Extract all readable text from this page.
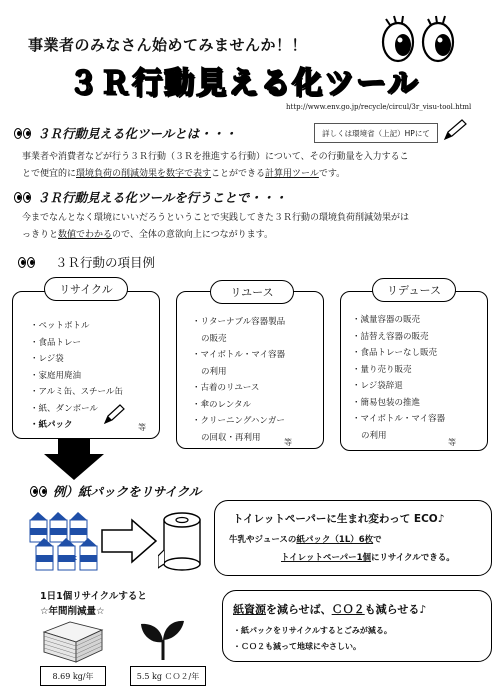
事業者のみなさん始めてみませんか！！
３Ｒ行動見える化ツール
http://www.env.go.jp/recycle/circul/3r_visu-tool.html
３Ｒ行動見える化ツールとは・・・	詳しくは環境省（上記）HPにて
事業者や消費者などが行う３Ｒ行動（３Ｒを推進する行動）について、その行動量を入力するこ
とで便宜的に環境負荷の削減効果を数字で表すことができる計算用ツールです。
３Ｒ行動見える化ツールを行うことで・・・
今までなんとなく環境にいいだろうということで実践してきた３Ｒ行動の環境負荷削減効果がは
っきりと数値でわかるので、全体の意欲向上につながります。
３Ｒ行動の項目例
リサイクル
・ ペットボトル
・ 食品トレー
・ レジ袋
・ 家庭用廃油
・ アルミ缶、スチール缶
・ 紙、ダンボール
・ 紙パック	等
リユース
・ リターナブル容器製品
の販売
・ マイボトル・マイ容器
の利用
・ 古着のリユース
・ 傘のレンタル
・ クリーニングハンガー
の回収・再利用	等
リデュース
・ 減量容器の販売
・ 詰替え容器の販売
・ 食品トレーなし販売
・ 量り売り販売
・ レジ袋辞退
・ 簡易包装の推進
・ マイボトル・マイ容器
の利用
等
例）紙パックをリサイクル
MILK
トイレットペーパーに生まれ変わって ECO♪
牛乳やジュースの紙パック（1L）6枚で
トイレットペーパー1個にリサイクルできる。
1日1個リサイクルすると
☆年間削減量☆
8.69 kg/年	5.5 kg ＣＯ２/年
紙資源を減らせば、ＣＯ２も減らせる♪
・紙パックをリサイクルするとごみが減る。
・ＣＯ２も減って地球にやさしい。
